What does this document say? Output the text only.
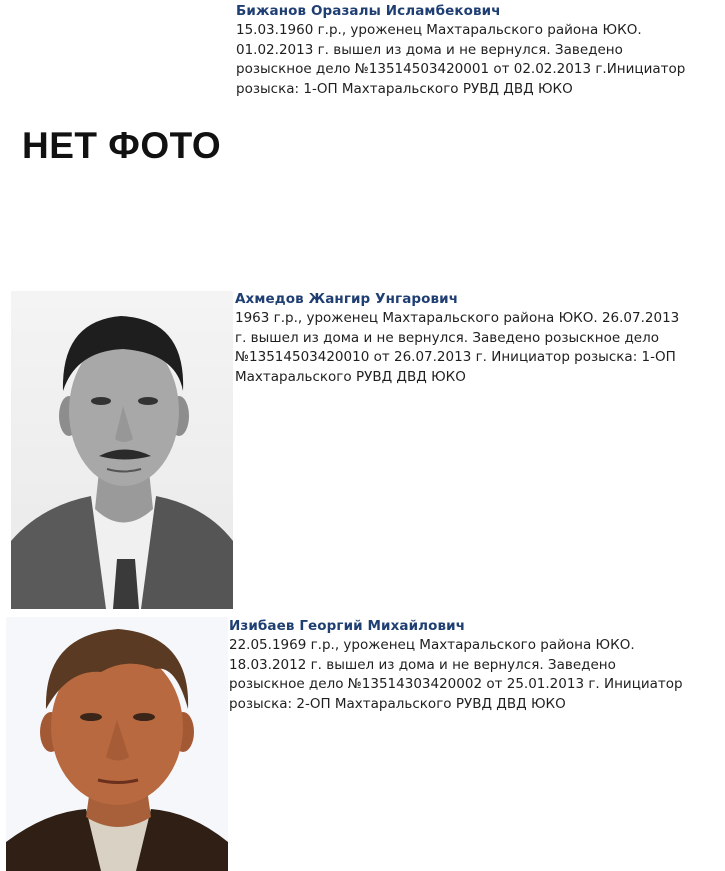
Бижанов Оразалы Исламбекович
15.03.1960 г.р., уроженец Махтаральского района ЮКО.
01.02.2013 г. вышел из дома и не вернулся. Заведено
розыскное дело №13514503420001 от 02.02.2013 г.Инициатор
розыска: 1-ОП Махтаральского РУВД ДВД ЮКО
НЕТ ФОТО
Ахмедов Жангир Унгарович
1963 г.р., уроженец Махтаральского района ЮКО. 26.07.2013
г. вышел из дома и не вернулся. Заведено розыскное дело
№13514503420010 от 26.07.2013 г. Инициатор розыска: 1-ОП
Махтаральского РУВД ДВД ЮКО
Изибаев Георгий Михайлович
22.05.1969 г.р., уроженец Махтаральского района ЮКО.
18.03.2012 г. вышел из дома и не вернулся. Заведено
розыскное дело №13514303420002 от 25.01.2013 г. Инициатор
розыска: 2-ОП Махтаральского РУВД ДВД ЮКО
